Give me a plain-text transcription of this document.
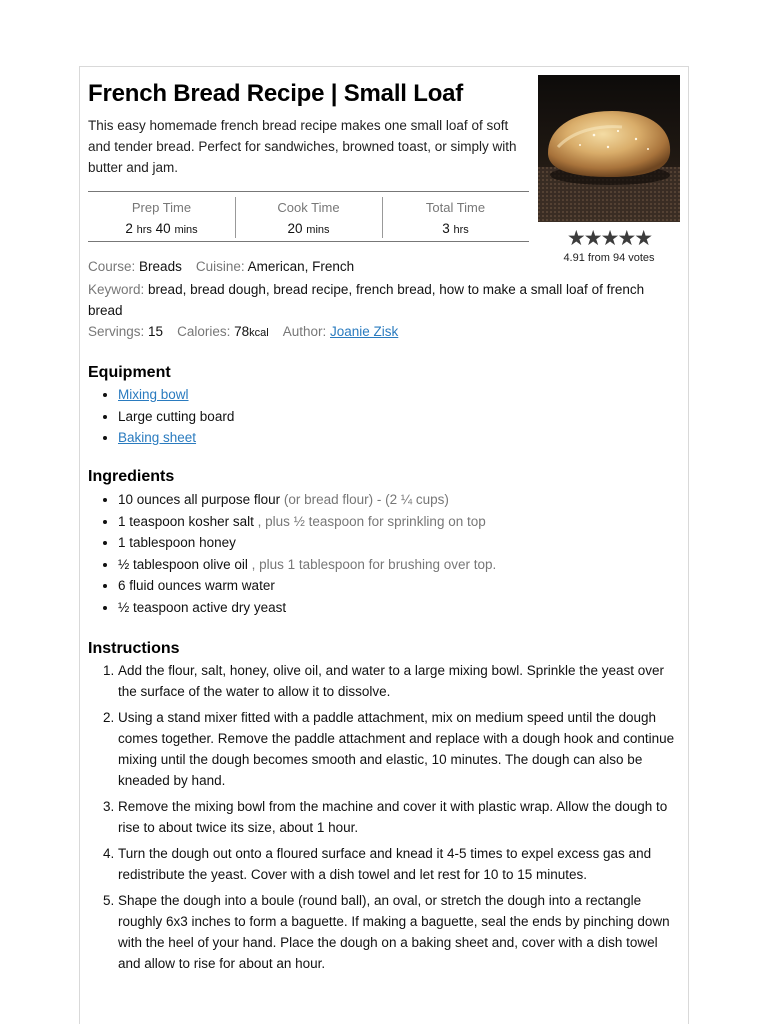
French Bread Recipe | Small Loaf
This easy homemade french bread recipe makes one small loaf of soft and tender bread. Perfect for sandwiches, browned toast, or simply with butter and jam.
★★★★★
4.91 from 94 votes
Prep Time
2 hrs 40 mins
Cook Time
20 mins
Total Time
3 hrs
Course: Breads Cuisine: American, French
Keyword: bread, bread dough, bread recipe, french bread, how to make a small loaf of french bread
Servings: 15 Calories: 78kcal Author: Joanie Zisk
Equipment
• Mixing bowl
• Large cutting board
• Baking sheet
Ingredients
• 10 ounces all purpose flour (or bread flour) - (2 ¼ cups)
• 1 teaspoon kosher salt , plus ½ teaspoon for sprinkling on top
• 1 tablespoon honey
• ½ tablespoon olive oil , plus 1 tablespoon for brushing over top.
• 6 fluid ounces warm water
• ½ teaspoon active dry yeast
Instructions
1. Add the flour, salt, honey, olive oil, and water to a large mixing bowl. Sprinkle the yeast over the surface of the water to allow it to dissolve.
2. Using a stand mixer fitted with a paddle attachment, mix on medium speed until the dough comes together. Remove the paddle attachment and replace with a dough hook and continue mixing until the dough becomes smooth and elastic, 10 minutes. The dough can also be kneaded by hand.
3. Remove the mixing bowl from the machine and cover it with plastic wrap. Allow the dough to rise to about twice its size, about 1 hour.
4. Turn the dough out onto a floured surface and knead it 4-5 times to expel excess gas and redistribute the yeast. Cover with a dish towel and let rest for 10 to 15 minutes.
5. Shape the dough into a boule (round ball), an oval, or stretch the dough into a rectangle roughly 6x3 inches to form a baguette. If making a baguette, seal the ends by pinching down with the heel of your hand. Place the dough on a baking sheet and, cover with a dish towel and allow to rise for about an hour.
